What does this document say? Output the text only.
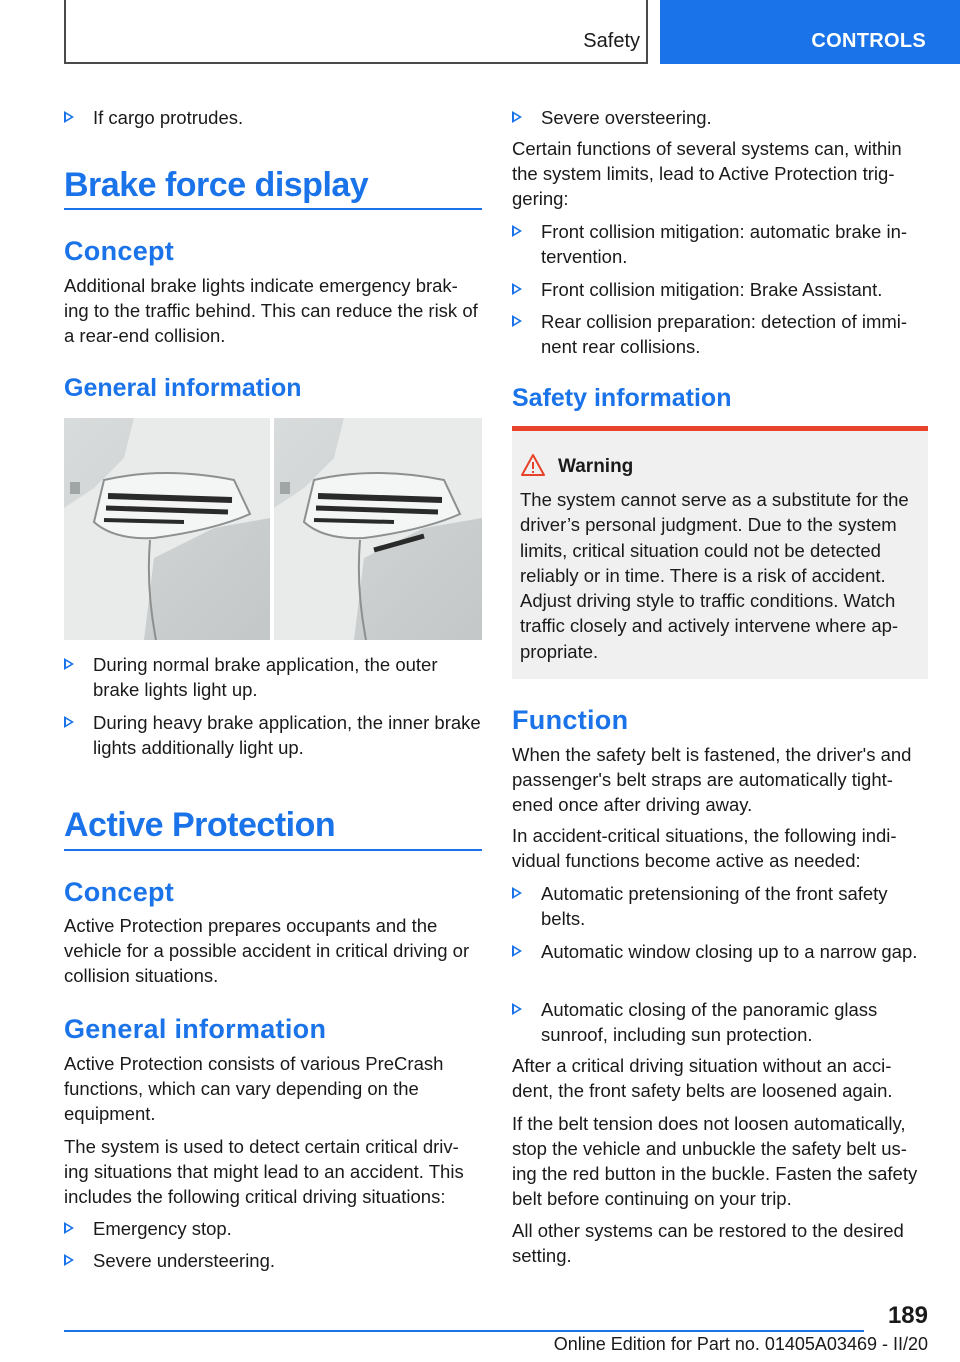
Safety	CONTROLS
If cargo protrudes.
Brake force display
Concept
Additional brake lights indicate emergency brak-ing to the traffic behind. This can reduce the risk of a rear-end collision.
General information
During normal brake application, the outer brake lights light up.
During heavy brake application, the inner brake lights additionally light up.
Active Protection
Concept
Active Protection prepares occupants and the vehicle for a possible accident in critical driving or collision situations.
General information
Active Protection consists of various PreCrash functions, which can vary depending on the equipment.
The system is used to detect certain critical driv-ing situations that might lead to an accident. This includes the following critical driving situations:
Emergency stop.
Severe understeering.
Severe oversteering.
Certain functions of several systems can, within the system limits, lead to Active Protection trig-gering:
Front collision mitigation: automatic brake in-tervention.
Front collision mitigation: Brake Assistant.
Rear collision preparation: detection of immi-nent rear collisions.
Safety information
Warning
The system cannot serve as a substitute for the driver’s personal judgment. Due to the system limits, critical situation could not be detected reliably or in time. There is a risk of accident. Adjust driving style to traffic conditions. Watch traffic closely and actively intervene where ap-propriate.
Function
When the safety belt is fastened, the driver's and passenger's belt straps are automatically tight-ened once after driving away.
In accident-critical situations, the following indi-vidual functions become active as needed:
Automatic pretensioning of the front safety belts.
Automatic window closing up to a narrow gap.
Automatic closing of the panoramic glass sunroof, including sun protection.
After a critical driving situation without an acci-dent, the front safety belts are loosened again.
If the belt tension does not loosen automatically, stop the vehicle and unbuckle the safety belt us-ing the red button in the buckle. Fasten the safety belt before continuing on your trip.
All other systems can be restored to the desired setting.
189
Online Edition for Part no. 01405A03469 - II/20
